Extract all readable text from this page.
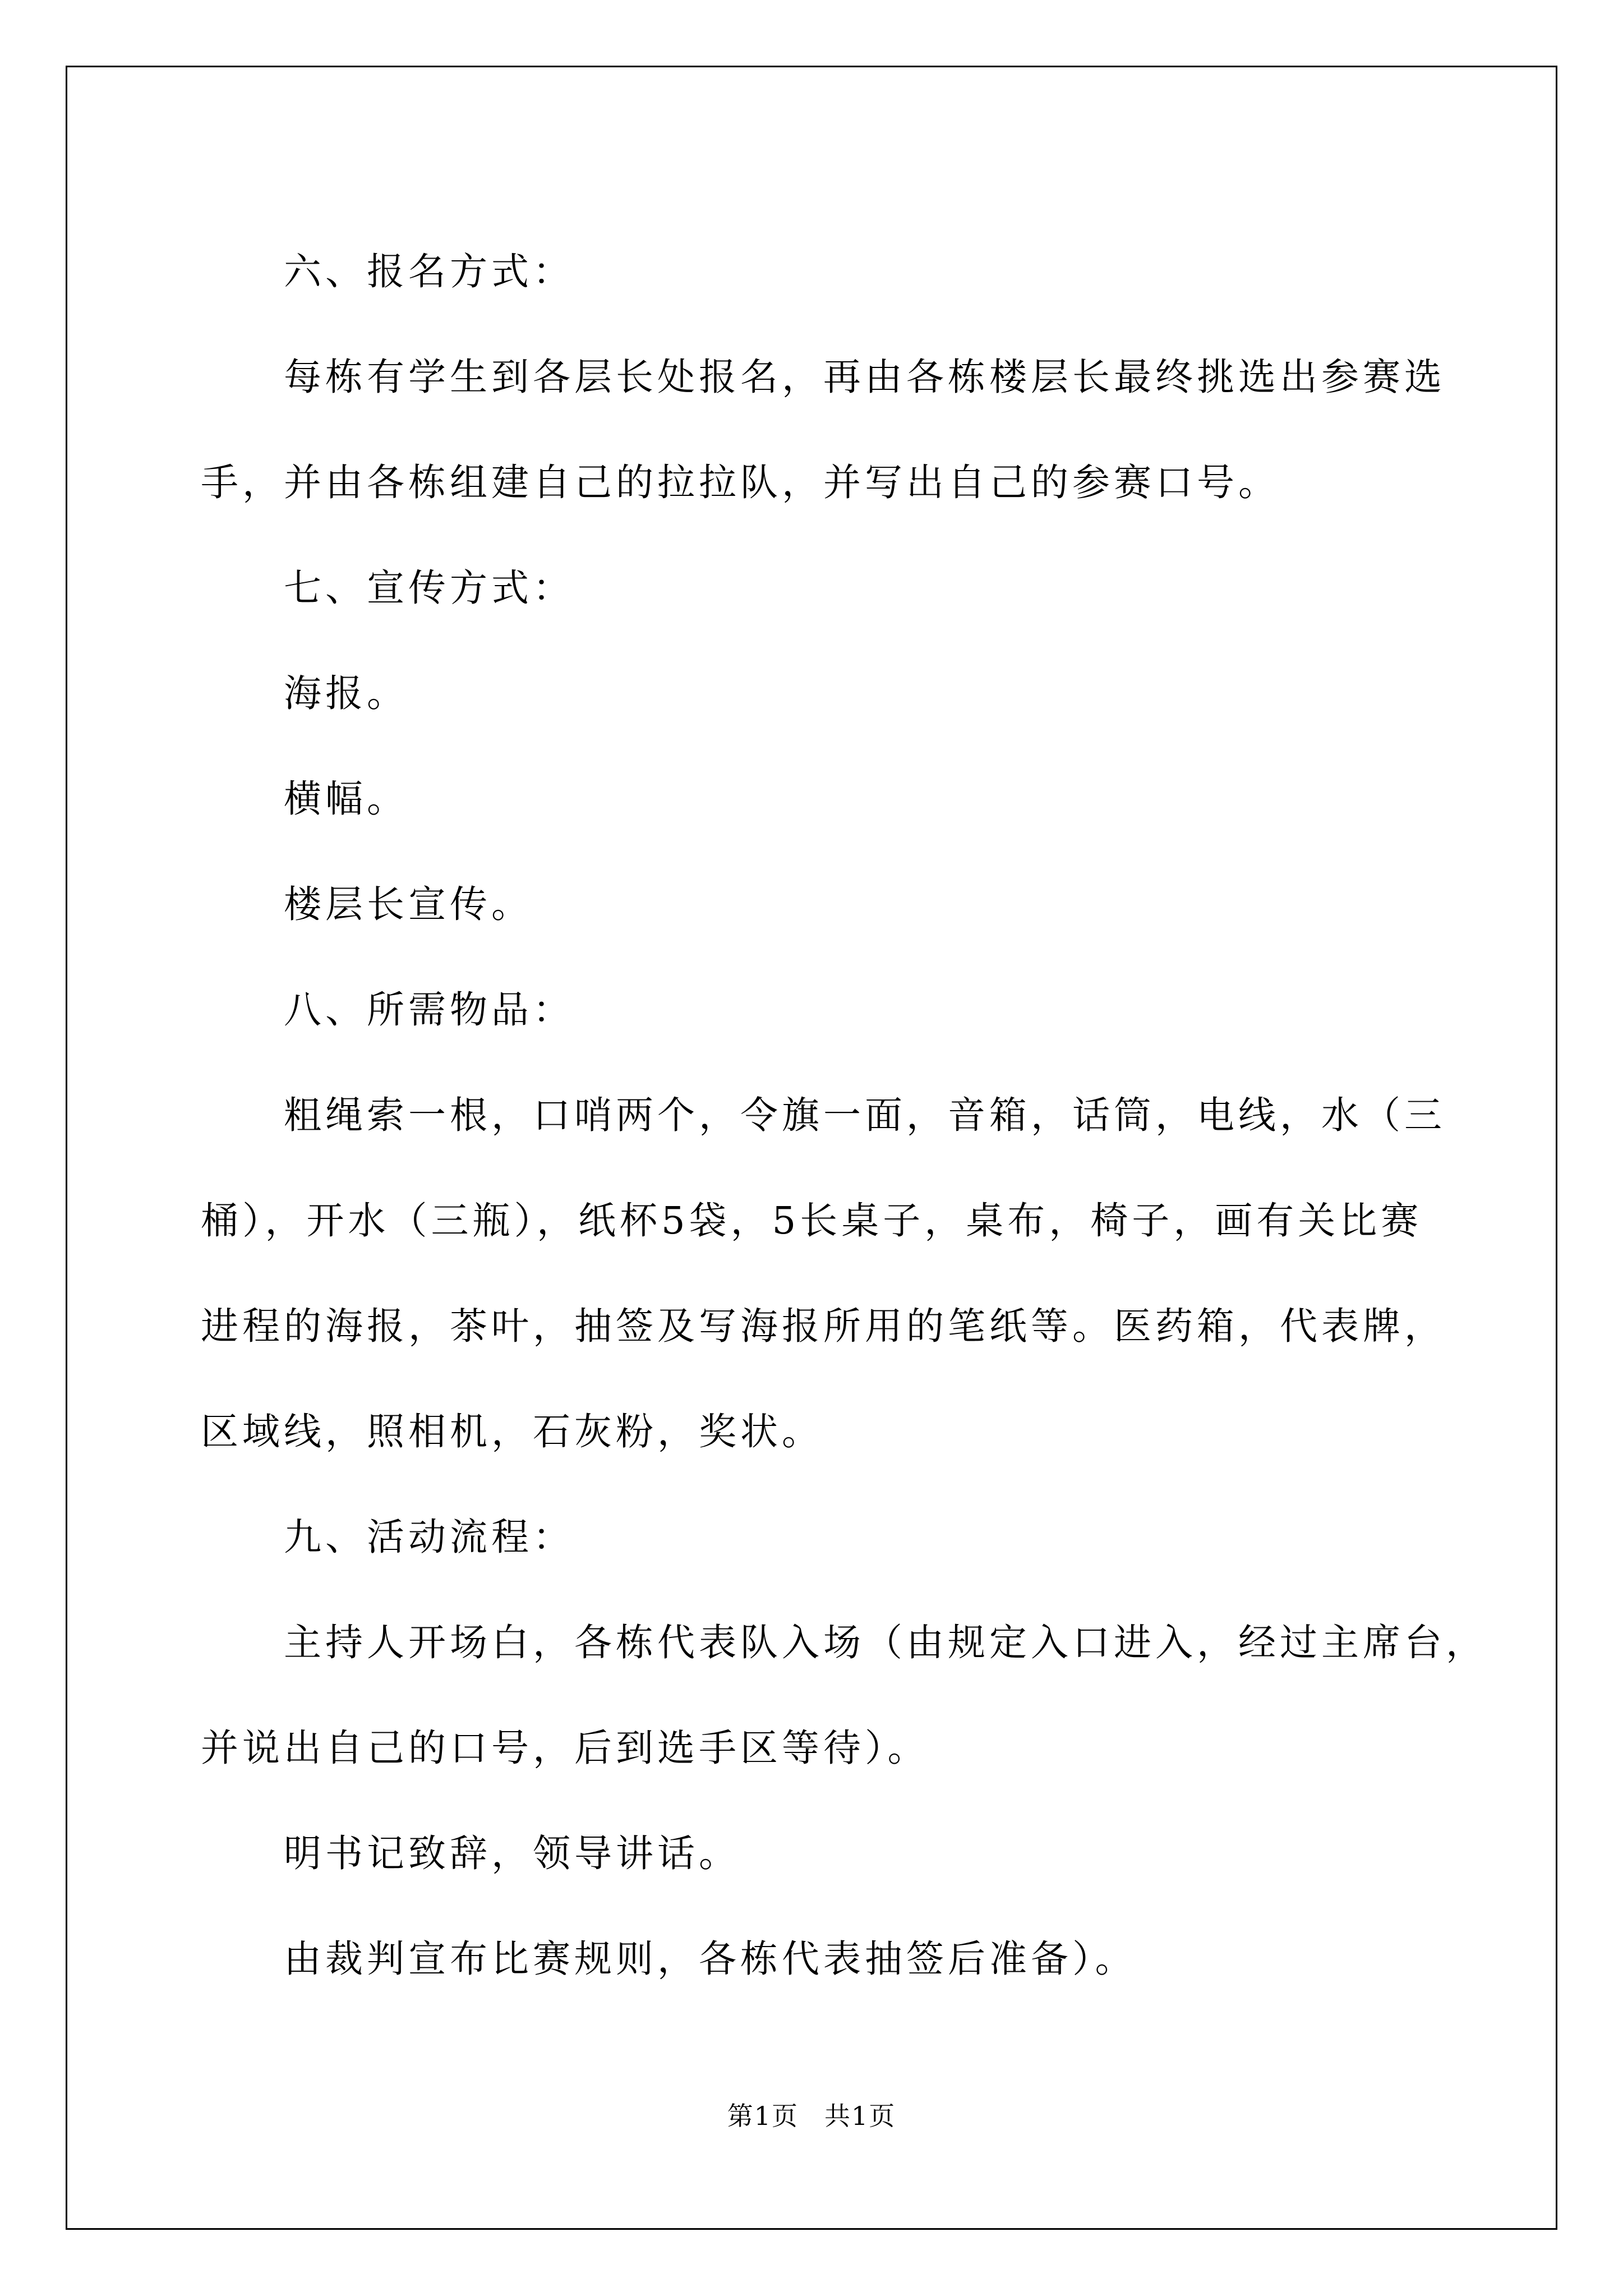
六、报名方式：

每栋有学生到各层长处报名，再由各栋楼层长最终挑选出参赛选

手，并由各栋组建自己的拉拉队，并写出自己的参赛口号。

七、宣传方式：

海报。

横幅。

楼层长宣传。

八、所需物品：

粗绳索一根，口哨两个，令旗一面，音箱，话筒，电线，水（三

桶），开水（三瓶），纸杯5袋，5长桌子，桌布，椅子，画有关比赛

进程的海报，茶叶，抽签及写海报所用的笔纸等。医药箱，代表牌，

区域线，照相机，石灰粉，奖状。

九、活动流程：

主持人开场白，各栋代表队入场（由规定入口进入，经过主席台，

并说出自己的口号，后到选手区等待）。

明书记致辞，领导讲话。

由裁判宣布比赛规则，各栋代表抽签后准备）。

第1页 共1页
